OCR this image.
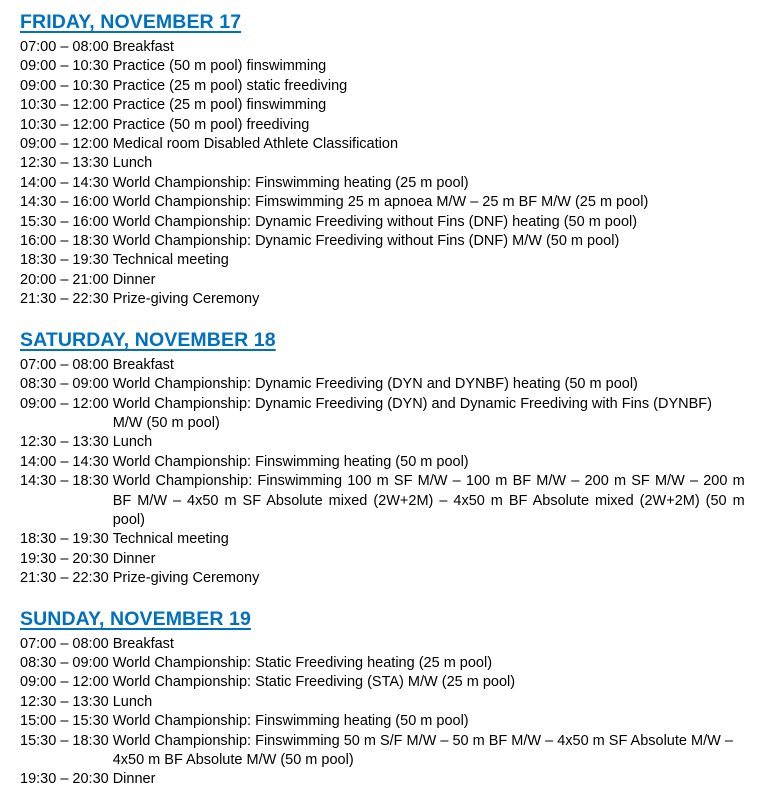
FRIDAY, NOVEMBER 17
07:00 – 08:00 Breakfast
09:00 – 10:30 Practice (50 m pool) finswimming
09:00 – 10:30 Practice (25 m pool) static freediving
10:30 – 12:00 Practice (25 m pool) finswimming
10:30 – 12:00 Practice (50 m pool) freediving
09:00 – 12:00 Medical room Disabled Athlete Classification
12:30 – 13:30 Lunch
14:00 – 14:30 World Championship: Finswimming heating (25 m pool)
14:30 – 16:00 World Championship: Fimswimming 25 m apnoea M/W – 25 m BF M/W (25 m pool)
15:30 – 16:00 World Championship: Dynamic Freediving without Fins (DNF) heating (50 m pool)
16:00 – 18:30 World Championship: Dynamic Freediving without Fins (DNF) M/W (50 m pool)
18:30 – 19:30 Technical meeting
20:00 – 21:00 Dinner
21:30 – 22:30 Prize-giving Ceremony
SATURDAY, NOVEMBER 18
07:00 – 08:00 Breakfast
08:30 – 09:00 World Championship: Dynamic Freediving (DYN and DYNBF) heating (50 m pool)
09:00 – 12:00 World Championship: Dynamic Freediving (DYN) and Dynamic Freediving with Fins (DYNBF) M/W (50 m pool)
12:30 – 13:30 Lunch
14:00 – 14:30 World Championship: Finswimming heating (50 m pool)
14:30 – 18:30 World Championship: Finswimming 100 m SF M/W – 100 m BF M/W – 200 m SF M/W – 200 m BF M/W – 4x50 m SF Absolute mixed (2W+2M) – 4x50 m BF Absolute mixed (2W+2M) (50 m pool)
18:30 – 19:30 Technical meeting
19:30 – 20:30 Dinner
21:30 – 22:30 Prize-giving Ceremony
SUNDAY, NOVEMBER 19
07:00 – 08:00 Breakfast
08:30 – 09:00 World Championship: Static Freediving heating (25 m pool)
09:00 – 12:00 World Championship: Static Freediving (STA) M/W (25 m pool)
12:30 – 13:30 Lunch
15:00 – 15:30 World Championship: Finswimming heating (50 m pool)
15:30 – 18:30 World Championship: Finswimming 50 m S/F M/W – 50 m BF M/W – 4x50 m SF Absolute M/W – 4x50 m BF Absolute M/W (50 m pool)
19:30 – 20:30 Dinner
